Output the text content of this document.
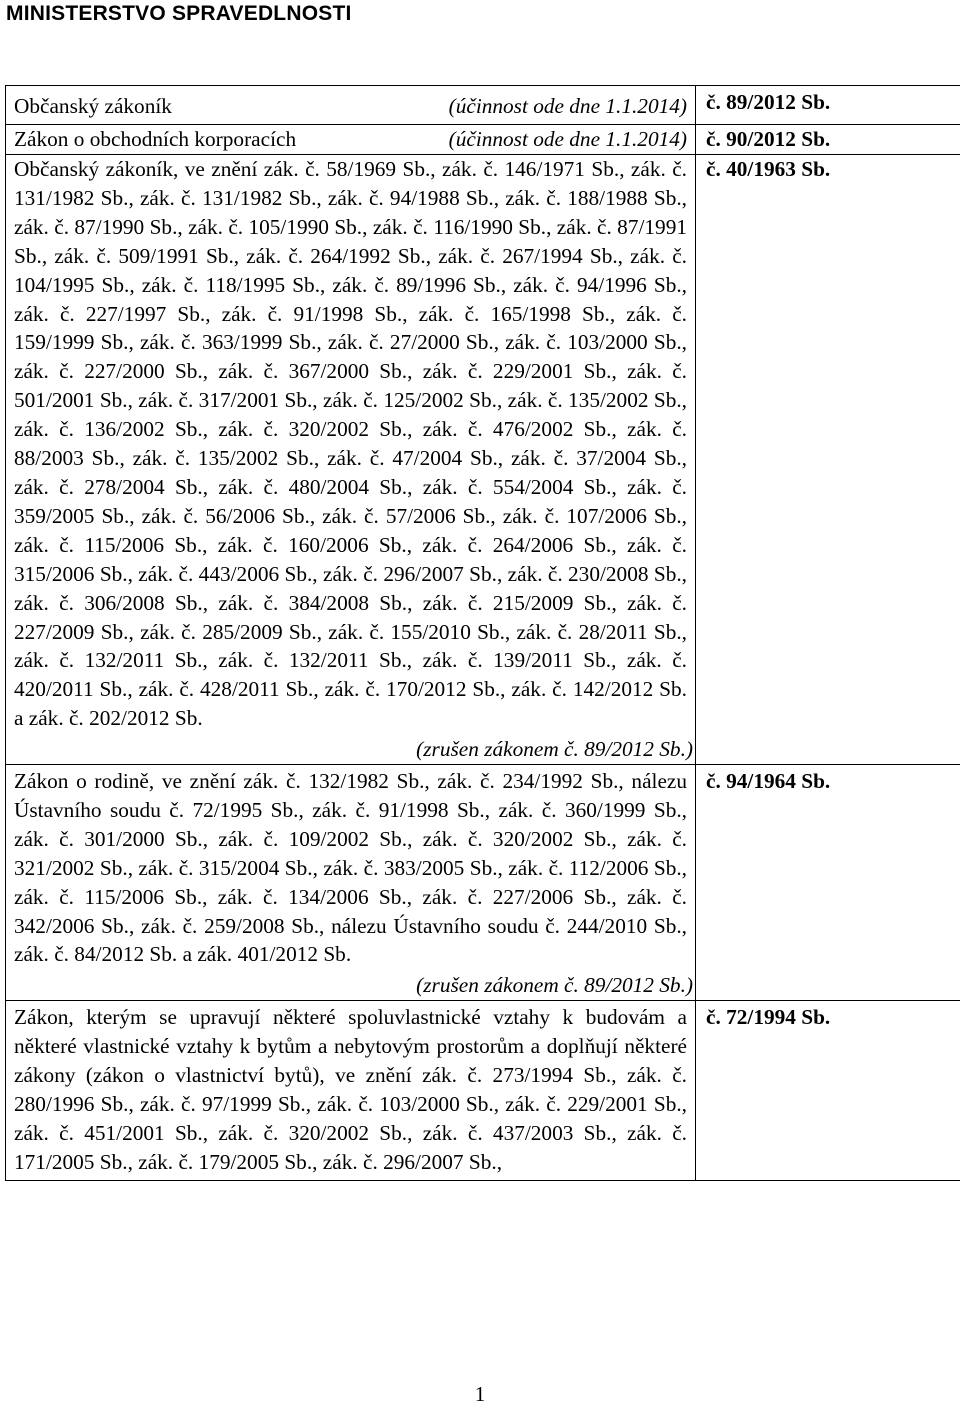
MINISTERSTVO SPRAVEDLNOSTI
Občanský zákoník (účinnost ode dne 1.1.2014)	č. 89/2012 Sb.

Zákon o obchodních korporacích (účinnost ode dne 1.1.2014)	č. 90/2012 Sb.

Občanský zákoník, ve znění zák. č. 58/1969 Sb., zák. č. 146/1971 Sb., zák. č. 131/1982 Sb., zák. č. 131/1982 Sb., zák. č. 94/1988 Sb., zák. č. 188/1988 Sb., zák. č. 87/1990 Sb., zák. č. 105/1990 Sb., zák. č. 116/1990 Sb., zák. č. 87/1991 Sb., zák. č. 509/1991 Sb., zák. č. 264/1992 Sb., zák. č. 267/1994 Sb., zák. č. 104/1995 Sb., zák. č. 118/1995 Sb., zák. č. 89/1996 Sb., zák. č. 94/1996 Sb., zák. č. 227/1997 Sb., zák. č. 91/1998 Sb., zák. č. 165/1998 Sb., zák. č. 159/1999 Sb., zák. č. 363/1999 Sb., zák. č. 27/2000 Sb., zák. č. 103/2000 Sb., zák. č. 227/2000 Sb., zák. č. 367/2000 Sb., zák. č. 229/2001 Sb., zák. č. 501/2001 Sb., zák. č. 317/2001 Sb., zák. č. 125/2002 Sb., zák. č. 135/2002 Sb., zák. č. 136/2002 Sb., zák. č. 320/2002 Sb., zák. č. 476/2002 Sb., zák. č. 88/2003 Sb., zák. č. 135/2002 Sb., zák. č. 47/2004 Sb., zák. č. 37/2004 Sb., zák. č. 278/2004 Sb., zák. č. 480/2004 Sb., zák. č. 554/2004 Sb., zák. č. 359/2005 Sb., zák. č. 56/2006 Sb., zák. č. 57/2006 Sb., zák. č. 107/2006 Sb., zák. č. 115/2006 Sb., zák. č. 160/2006 Sb., zák. č. 264/2006 Sb., zák. č. 315/2006 Sb., zák. č. 443/2006 Sb., zák. č. 296/2007 Sb., zák. č. 230/2008 Sb., zák. č. 306/2008 Sb., zák. č. 384/2008 Sb., zák. č. 215/2009 Sb., zák. č. 227/2009 Sb., zák. č. 285/2009 Sb., zák. č. 155/2010 Sb., zák. č. 28/2011 Sb., zák. č. 132/2011 Sb., zák. č. 132/2011 Sb., zák. č. 139/2011 Sb., zák. č. 420/2011 Sb., zák. č. 428/2011 Sb., zák. č. 170/2012 Sb., zák. č. 142/2012 Sb. a zák. č. 202/2012 Sb.
(zrušen zákonem č. 89/2012 Sb.)	č. 40/1963 Sb.

Zákon o rodině, ve znění zák. č. 132/1982 Sb., zák. č. 234/1992 Sb., nálezu Ústavního soudu č. 72/1995 Sb., zák. č. 91/1998 Sb., zák. č. 360/1999 Sb., zák. č. 301/2000 Sb., zák. č. 109/2002 Sb., zák. č. 320/2002 Sb., zák. č. 321/2002 Sb., zák. č. 315/2004 Sb., zák. č. 383/2005 Sb., zák. č. 112/2006 Sb., zák. č. 115/2006 Sb., zák. č. 134/2006 Sb., zák. č. 227/2006 Sb., zák. č. 342/2006 Sb., zák. č. 259/2008 Sb., nálezu Ústavního soudu č. 244/2010 Sb., zák. č. 84/2012 Sb. a zák. 401/2012 Sb.
(zrušen zákonem č. 89/2012 Sb.)	č. 94/1964 Sb.

Zákon, kterým se upravují některé spoluvlastnické vztahy k budovám a některé vlastnické vztahy k bytům a nebytovým prostorům a doplňují některé zákony (zákon o vlastnictví bytů), ve znění zák. č. 273/1994 Sb., zák. č. 280/1996 Sb., zák. č. 97/1999 Sb., zák. č. 103/2000 Sb., zák. č. 229/2001 Sb., zák. č. 451/2001 Sb., zák. č. 320/2002 Sb., zák. č. 437/2003 Sb., zák. č. 171/2005 Sb., zák. č. 179/2005 Sb., zák. č. 296/2007 Sb.,	č. 72/1994 Sb.
1
